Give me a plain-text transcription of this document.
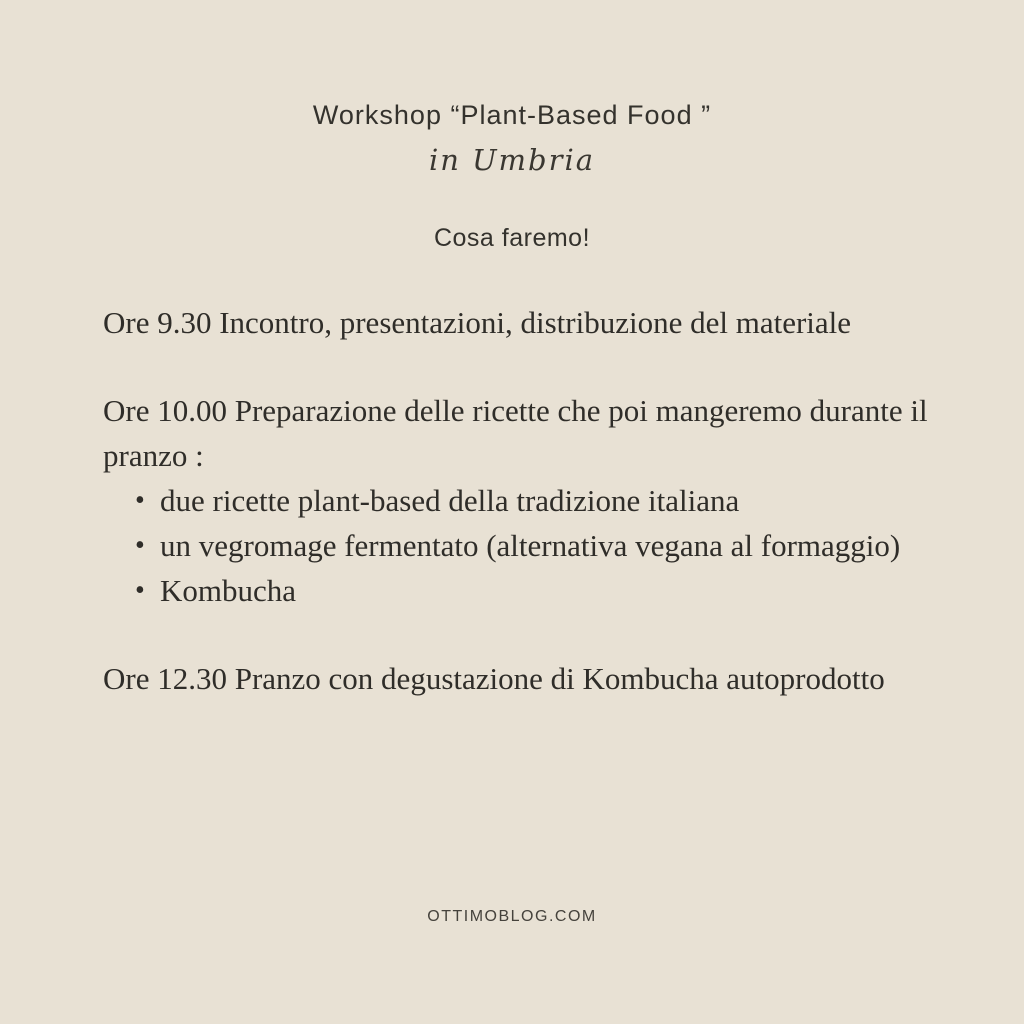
Workshop “Plant-Based Food ”
in Umbria
Cosa faremo!
Ore 9.30 Incontro, presentazioni, distribuzione del materiale
Ore 10.00 Preparazione delle ricette che poi mangeremo durante il pranzo :
• due ricette plant-based della tradizione italiana
• un vegromage fermentato (alternativa vegana al formaggio)
• Kombucha
Ore 12.30 Pranzo con degustazione di Kombucha autoprodotto
OTTIMOBLOG.COM
